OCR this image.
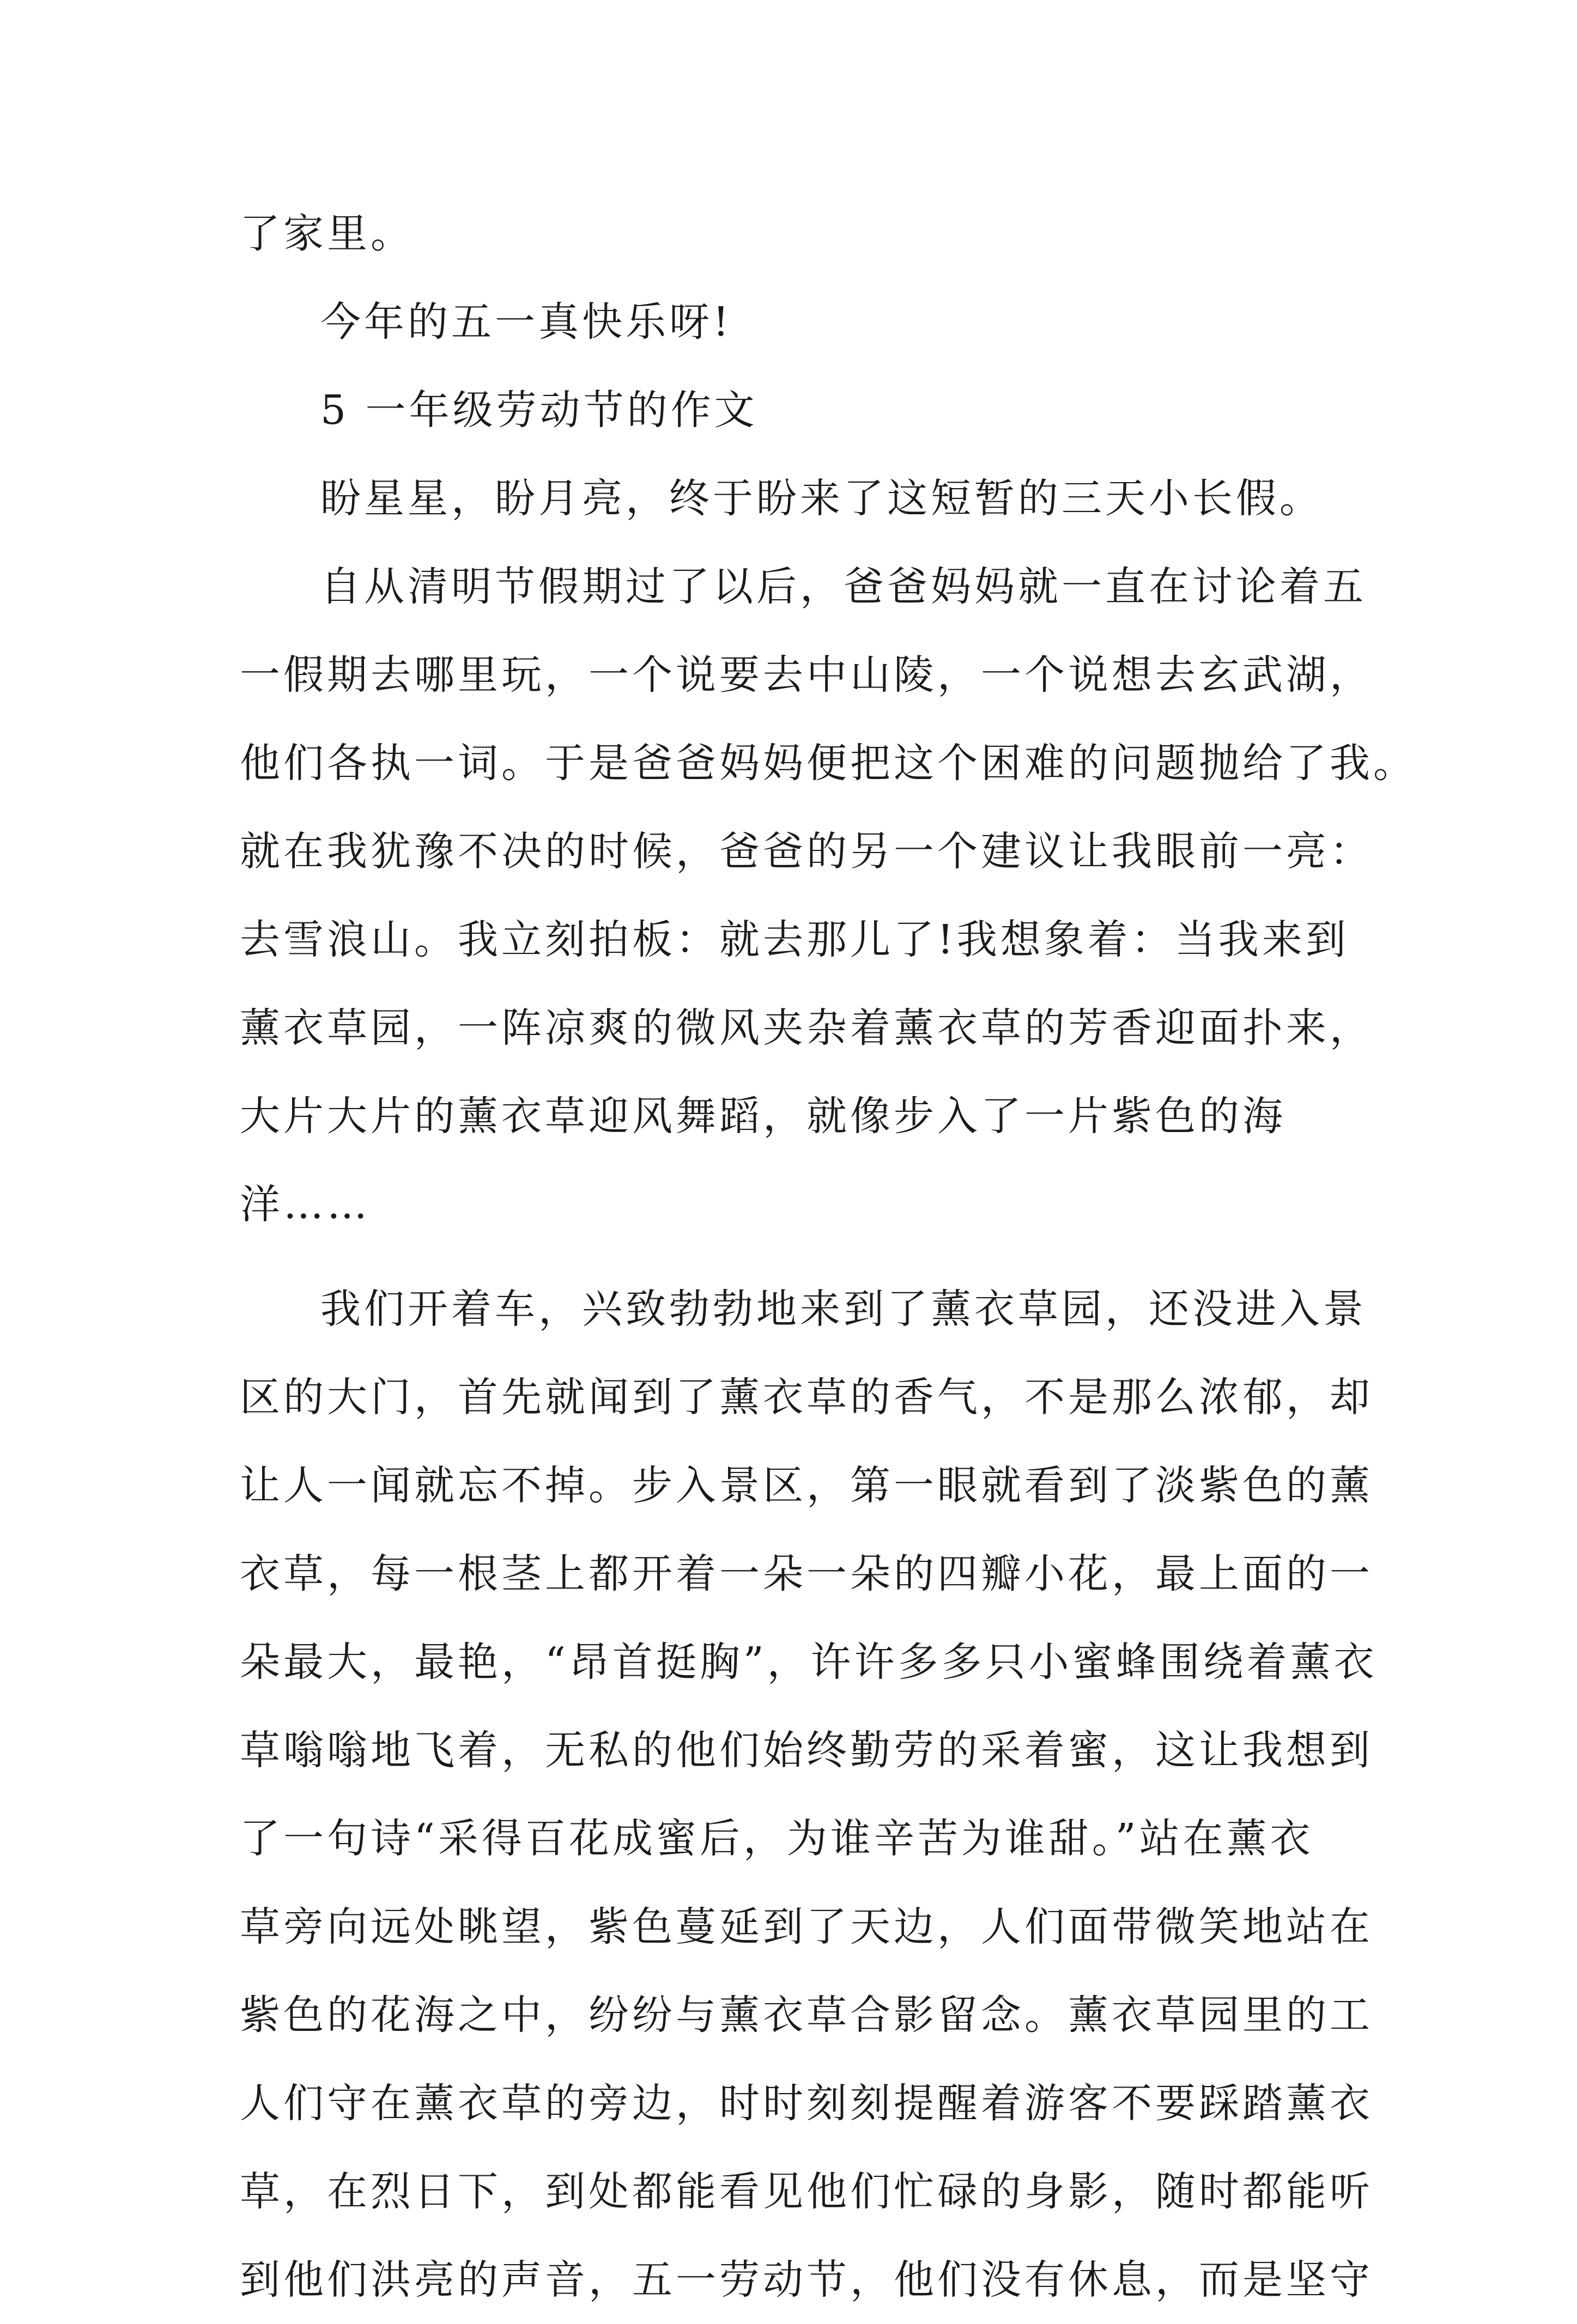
了家里。
今年的五一真快乐呀!
5 一年级劳动节的作文
盼星星，盼月亮，终于盼来了这短暂的三天小长假。
自从清明节假期过了以后，爸爸妈妈就一直在讨论着五
一假期去哪里玩，一个说要去中山陵，一个说想去玄武湖，
他们各执一词。于是爸爸妈妈便把这个困难的问题抛给了我。
就在我犹豫不决的时候，爸爸的另一个建议让我眼前一亮：
去雪浪山。我立刻拍板：就去那儿了!我想象着：当我来到
薰衣草园，一阵凉爽的微风夹杂着薰衣草的芳香迎面扑来，
大片大片的薰衣草迎风舞蹈，就像步入了一片紫色的海
洋……
我们开着车，兴致勃勃地来到了薰衣草园，还没进入景
区的大门，首先就闻到了薰衣草的香气，不是那么浓郁，却
让人一闻就忘不掉。步入景区，第一眼就看到了淡紫色的薰
衣草，每一根茎上都开着一朵一朵的四瓣小花，最上面的一
朵最大，最艳，“昂首挺胸”，许许多多只小蜜蜂围绕着薰衣
草嗡嗡地飞着，无私的他们始终勤劳的采着蜜，这让我想到
了一句诗“采得百花成蜜后，为谁辛苦为谁甜。”站在薰衣
草旁向远处眺望，紫色蔓延到了天边，人们面带微笑地站在
紫色的花海之中，纷纷与薰衣草合影留念。薰衣草园里的工
人们守在薰衣草的旁边，时时刻刻提醒着游客不要踩踏薰衣
草，在烈日下，到处都能看见他们忙碌的身影，随时都能听
到他们洪亮的声音，五一劳动节，他们没有休息，而是坚守
